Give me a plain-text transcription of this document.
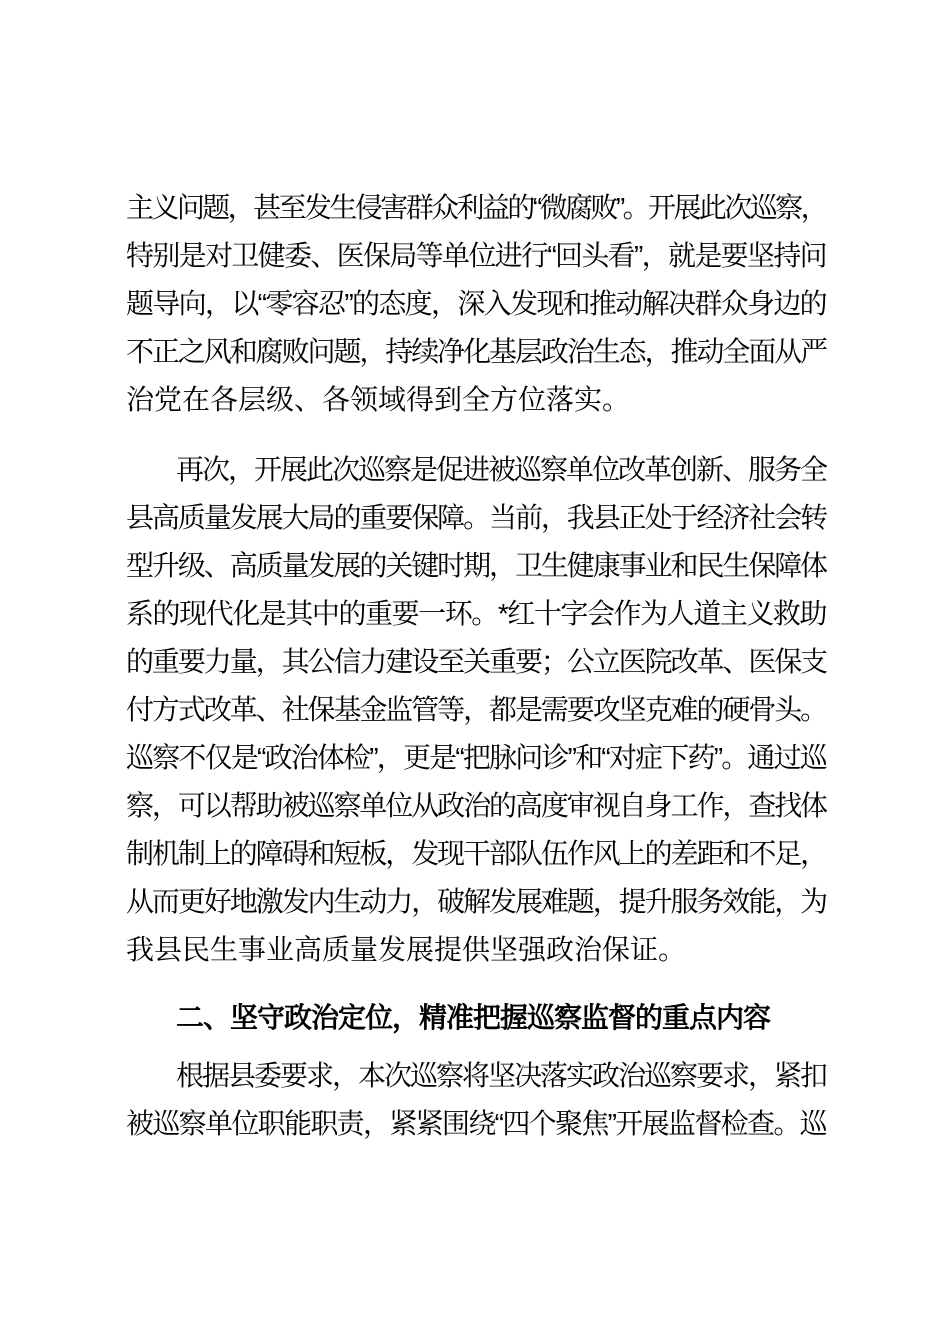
主义问题，甚至发生侵害群众利益的“微腐败”。开展此次巡察，
特别是对卫健委、医保局等单位进行“回头看”，就是要坚持问
题导向，以“零容忍”的态度，深入发现和推动解决群众身边的
不正之风和腐败问题，持续净化基层政治生态，推动全面从严
治党在各层级、各领域得到全方位落实。
再次，开展此次巡察是促进被巡察单位改革创新、服务全
县高质量发展大局的重要保障。当前，我县正处于经济社会转
型升级、高质量发展的关键时期，卫生健康事业和民生保障体
系的现代化是其中的重要一环。*红十字会作为人道主义救助
的重要力量，其公信力建设至关重要；公立医院改革、医保支
付方式改革、社保基金监管等，都是需要攻坚克难的硬骨头。
巡察不仅是“政治体检”，更是“把脉问诊”和“对症下药”。通过巡
察，可以帮助被巡察单位从政治的高度审视自身工作，查找体
制机制上的障碍和短板，发现干部队伍作风上的差距和不足，
从而更好地激发内生动力，破解发展难题，提升服务效能，为
我县民生事业高质量发展提供坚强政治保证。
二、坚守政治定位，精准把握巡察监督的重点内容
根据县委要求，本次巡察将坚决落实政治巡察要求，紧扣
被巡察单位职能职责，紧紧围绕“四个聚焦”开展监督检查。巡
